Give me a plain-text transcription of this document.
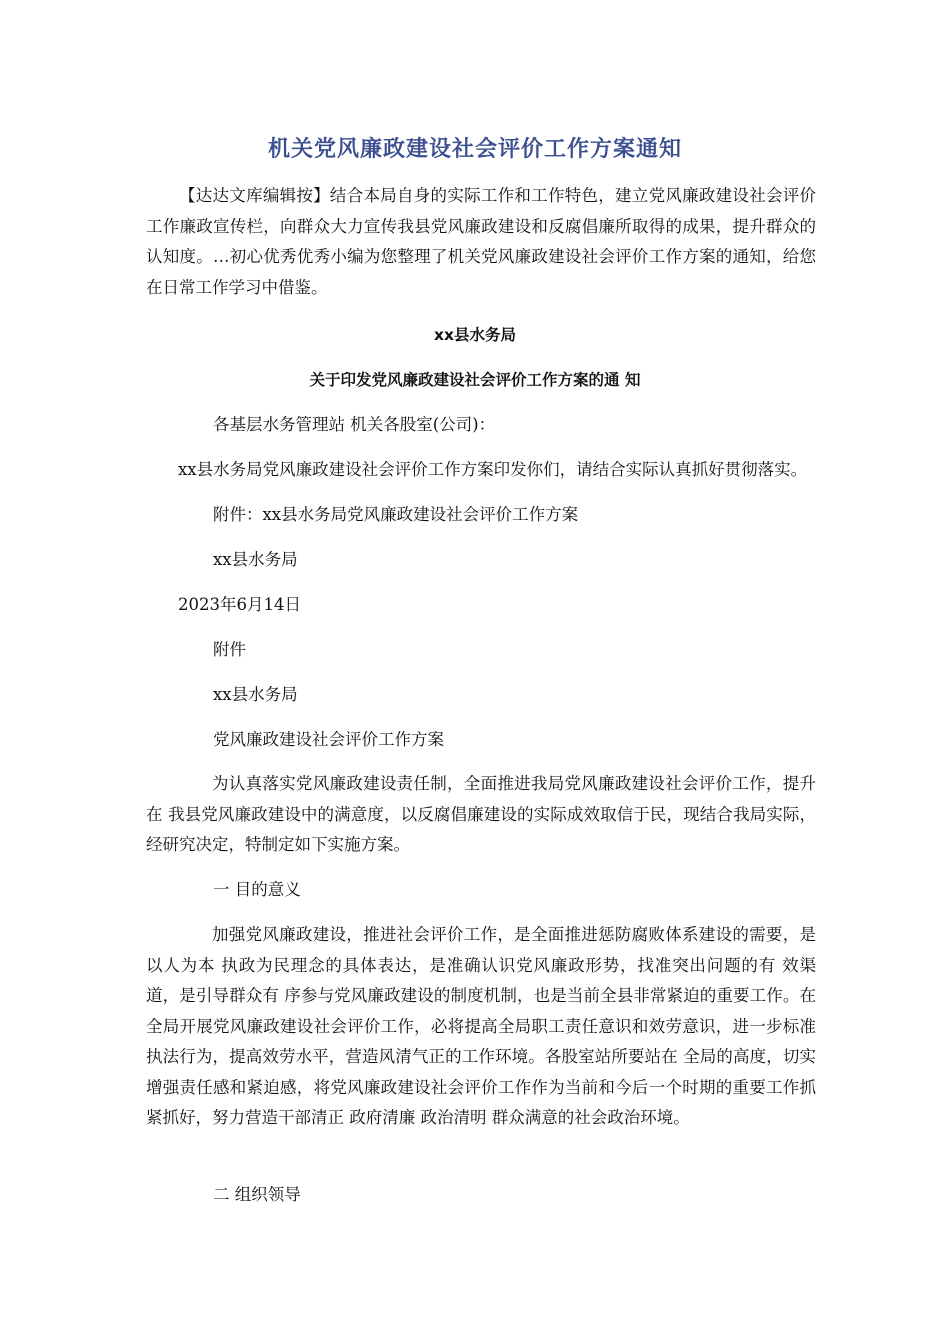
机关党风廉政建设社会评价工作方案通知
【达达文库编辑按】结合本局自身的实际工作和工作特色，建立党风廉政建设社会评价工作廉政宣传栏，向群众大力宣传我县党风廉政建设和反腐倡廉所取得的成果，提升群众的认知度。…初心优秀优秀小编为您整理了机关党风廉政建设社会评价工作方案的通知，给您在日常工作学习中借鉴。
xx县水务局
关于印发党风廉政建设社会评价工作方案的通 知
各基层水务管理站 机关各股室(公司)：
xx县水务局党风廉政建设社会评价工作方案印发你们，请结合实际认真抓好贯彻落实。
附件：xx县水务局党风廉政建设社会评价工作方案
xx县水务局
2023年6月14日
附件
xx县水务局
党风廉政建设社会评价工作方案
为认真落实党风廉政建设责任制，全面推进我局党风廉政建设社会评价工作，提升在 我县党风廉政建设中的满意度，以反腐倡廉建设的实际成效取信于民，现结合我局实际，经研究决定，特制定如下实施方案。
一 目的意义
加强党风廉政建设，推进社会评价工作，是全面推进惩防腐败体系建设的需要，是以人为本 执政为民理念的具体表达，是准确认识党风廉政形势，找准突出问题的有 效渠道，是引导群众有 序参与党风廉政建设的制度机制，也是当前全县非常紧迫的重要工作。在 全局开展党风廉政建设社会评价工作，必将提高全局职工责任意识和效劳意识，进一步标准执法行为，提高效劳水平，营造风清气正的工作环境。各股室站所要站在 全局的高度，切实增强责任感和紧迫感，将党风廉政建设社会评价工作作为当前和今后一个时期的重要工作抓紧抓好，努力营造干部清正 政府清廉 政治清明 群众满意的社会政治环境。
二 组织领导
